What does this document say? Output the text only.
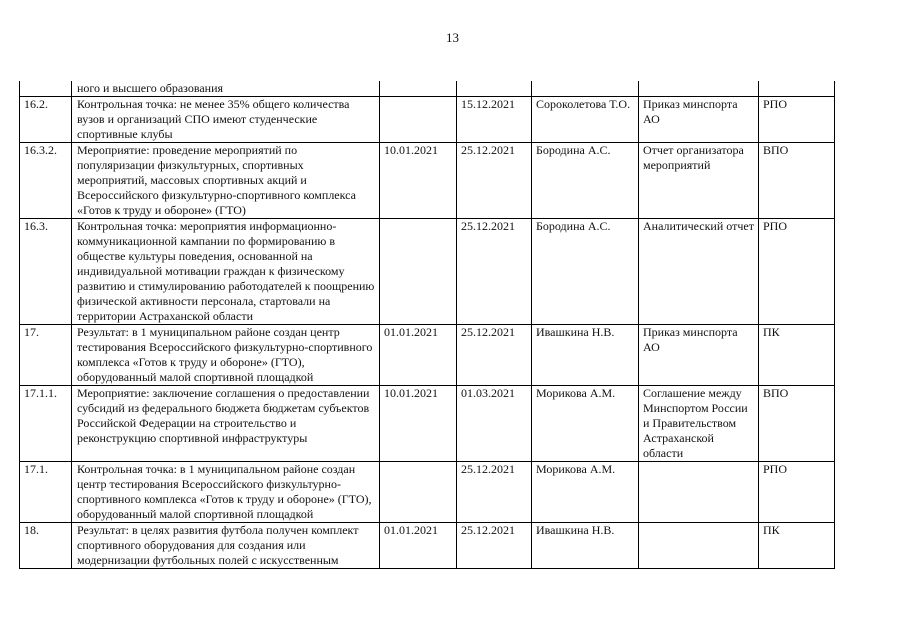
13
·
	ного и высшего образования					
16.2.	Контрольная точка: не менее 35% общего количества вузов и организаций СПО имеют студенческие спортивные клубы		15.12.2021	Сороколетова Т.О.	Приказ минспорта АО	РПО
16.3.2.	Мероприятие: проведение мероприятий по популяризации физкультурных, спортивных мероприятий, массовых спортивных акций и Всероссийского физкультурно-спортивного комплекса «Готов к труду и обороне» (ГТО)	10.01.2021	25.12.2021	Бородина А.С.	Отчет организатора мероприятий	ВПО
16.3.	Контрольная точка: мероприятия информационно-коммуникационной кампании по формированию в обществе культуры поведения, основанной на индивидуальной мотивации граждан к физическому развитию и стимулированию работодателей к поощрению физической активности персонала, стартовали на территории Астраханской области		25.12.2021	Бородина А.С.	Аналитический отчет	РПО
17.	Результат: в 1 муниципальном районе создан центр тестирования Всероссийского физкультурно-спортивного комплекса «Готов к труду и обороне» (ГТО), оборудованный малой спортивной площадкой	01.01.2021	25.12.2021	Ивашкина Н.В.	Приказ минспорта АО	ПК
17.1.1.	Мероприятие: заключение соглашения о предоставлении субсидий из федерального бюджета бюджетам субъектов Российской Федерации на строительство и реконструкцию спортивной инфраструктуры	10.01.2021	01.03.2021	Морикова А.М.	Соглашение между Минспортом России и Правительством Астраханской области	ВПО
17.1.	Контрольная точка: в 1 муниципальном районе создан центр тестирования Всероссийского физкультурно-спортивного комплекса «Готов к труду и обороне» (ГТО), оборудованный малой спортивной площадкой		25.12.2021	Морикова А.М.		РПО
18.	Результат: в целях развития футбола получен комплект спортивного оборудования для создания или модернизации футбольных полей с искусственным	01.01.2021	25.12.2021	Ивашкина Н.В.		ПК
